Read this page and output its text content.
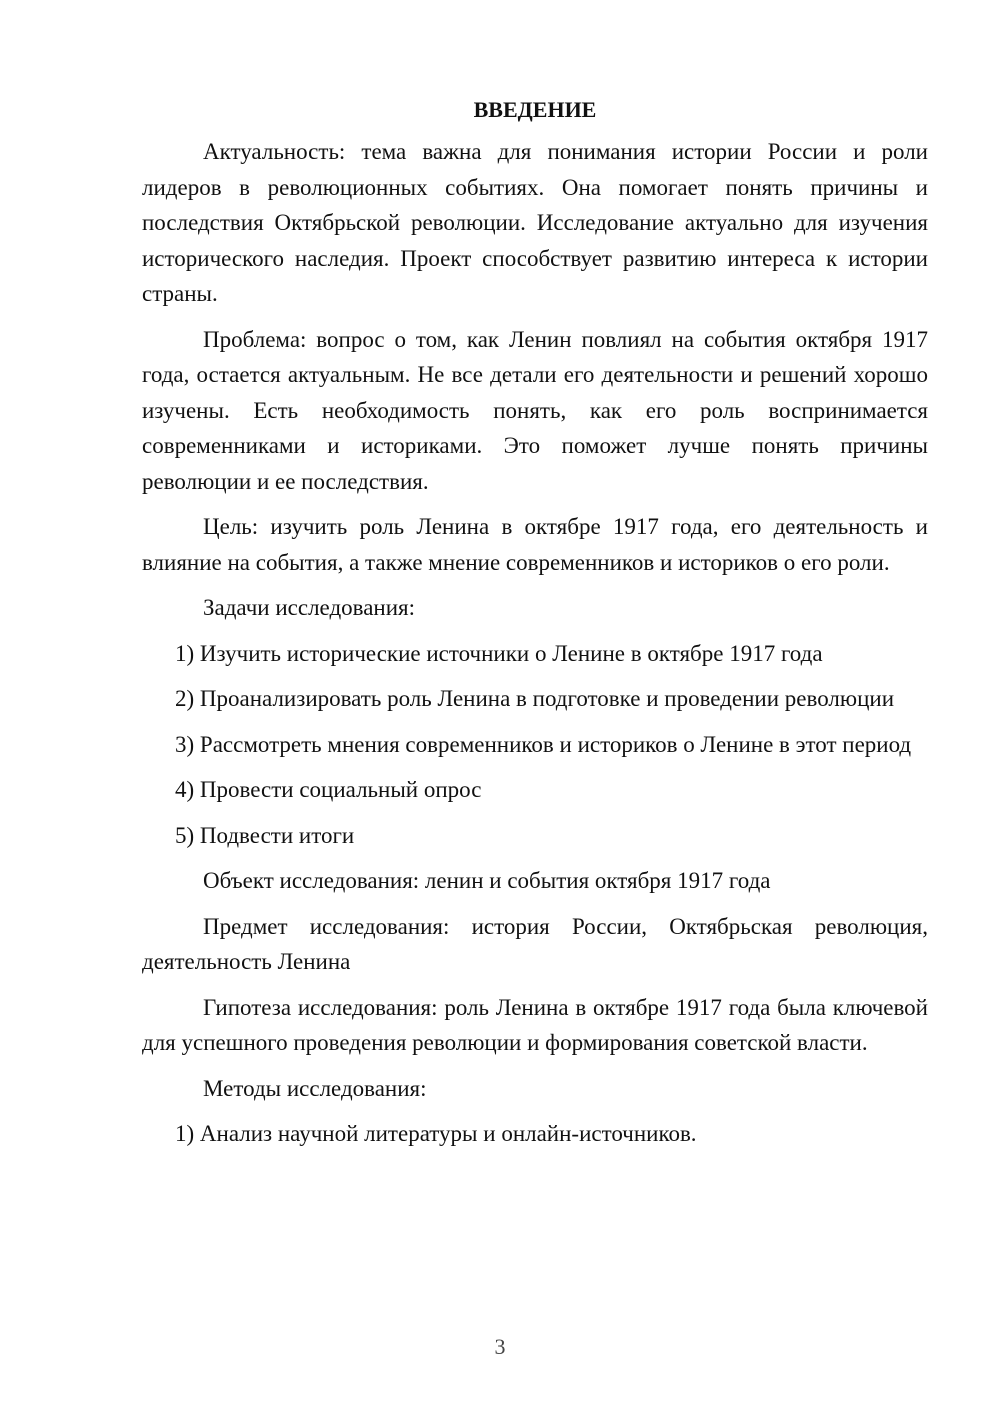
ВВЕДЕНИЕ

Актуальность: тема важна для понимания истории России и роли лидеров в революционных событиях. Она помогает понять причины и последствия Октябрьской революции. Исследование актуально для изучения исторического наследия. Проект способствует развитию интереса к истории страны.

Проблема: вопрос о том, как Ленин повлиял на события октября 1917 года, остается актуальным. Не все детали его деятельности и решений хорошо изучены. Есть необходимость понять, как его роль воспринимается современниками и историками. Это поможет лучше понять причины революции и ее последствия.

Цель: изучить роль Ленина в октябре 1917 года, его деятельность и влияние на события, а также мнение современников и историков о его роли.

Задачи исследования:

1) Изучить исторические источники о Ленине в октябре 1917 года

2) Проанализировать роль Ленина в подготовке и проведении революции

3) Рассмотреть мнения современников и историков о Ленине в этот период

4) Провести социальный опрос

5) Подвести итоги

Объект исследования: ленин и события октября 1917 года

Предмет исследования: история России, Октябрьская революция, деятельность Ленина

Гипотеза исследования: роль Ленина в октябре 1917 года была ключевой для успешного проведения революции и формирования советской власти.

Методы исследования:

1) Анализ научной литературы и онлайн-источников.

3
